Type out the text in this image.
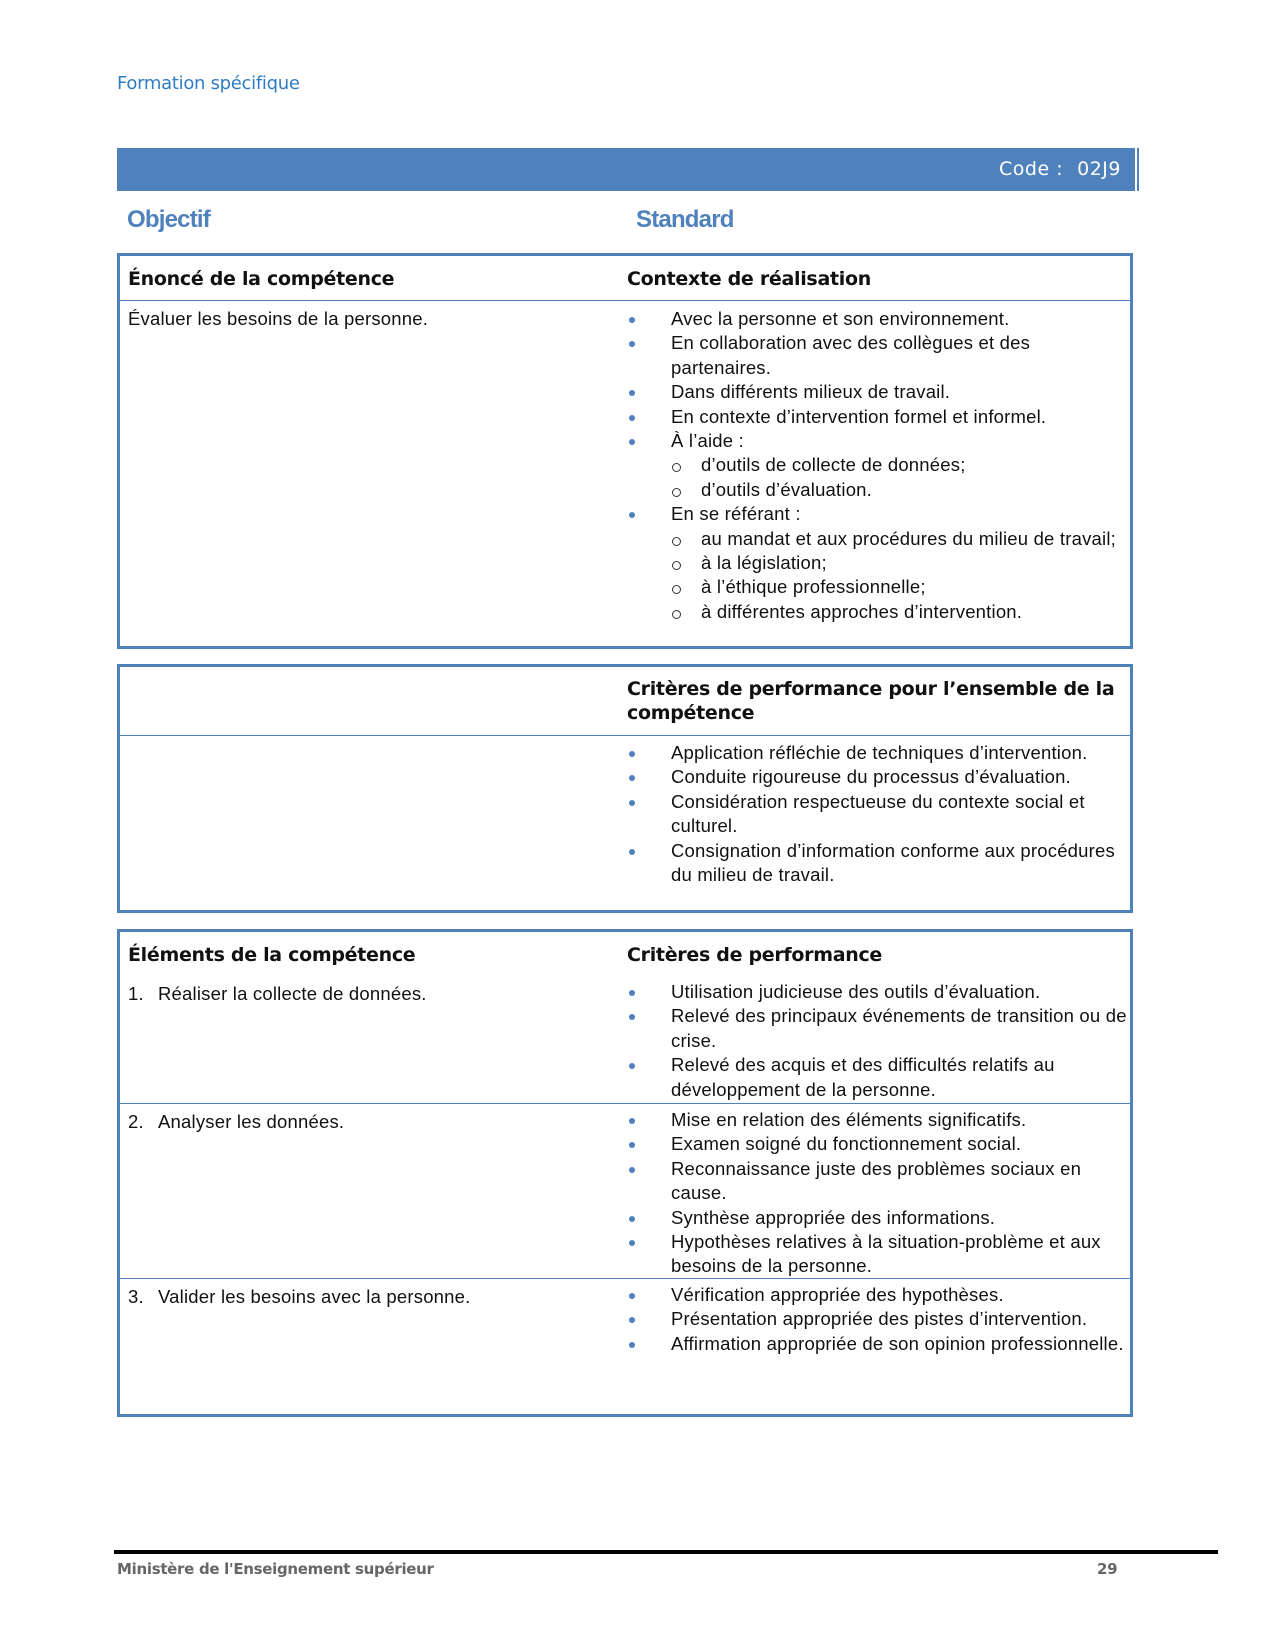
Formation spécifique
Code : 02J9
Objectif	Standard
Énoncé de la compétence	Contexte de réalisation
Évaluer les besoins de la personne.	Avec la personne et son environnement.
En collaboration avec des collègues et des partenaires.
Dans différents milieux de travail.
En contexte d’intervention formel et informel.
À l’aide :
d’outils de collecte de données;
d’outils d’évaluation.
En se référant :
au mandat et aux procédures du milieu de travail;
à la législation;
à l’éthique professionnelle;
à différentes approches d’intervention.
Critères de performance pour l’ensemble de la compétence
Application réfléchie de techniques d’intervention.
Conduite rigoureuse du processus d’évaluation.
Considération respectueuse du contexte social et culturel.
Consignation d’information conforme aux procédures du milieu de travail.
Éléments de la compétence	Critères de performance
1. Réaliser la collecte de données.	Utilisation judicieuse des outils d’évaluation.
Relevé des principaux événements de transition ou de crise.
Relevé des acquis et des difficultés relatifs au développement de la personne.
2. Analyser les données.	Mise en relation des éléments significatifs.
Examen soigné du fonctionnement social.
Reconnaissance juste des problèmes sociaux en cause.
Synthèse appropriée des informations.
Hypothèses relatives à la situation-problème et aux besoins de la personne.
3. Valider les besoins avec la personne.	Vérification appropriée des hypothèses.
Présentation appropriée des pistes d’intervention.
Affirmation appropriée de son opinion professionnelle.
Ministère de l'Enseignement supérieur	29
